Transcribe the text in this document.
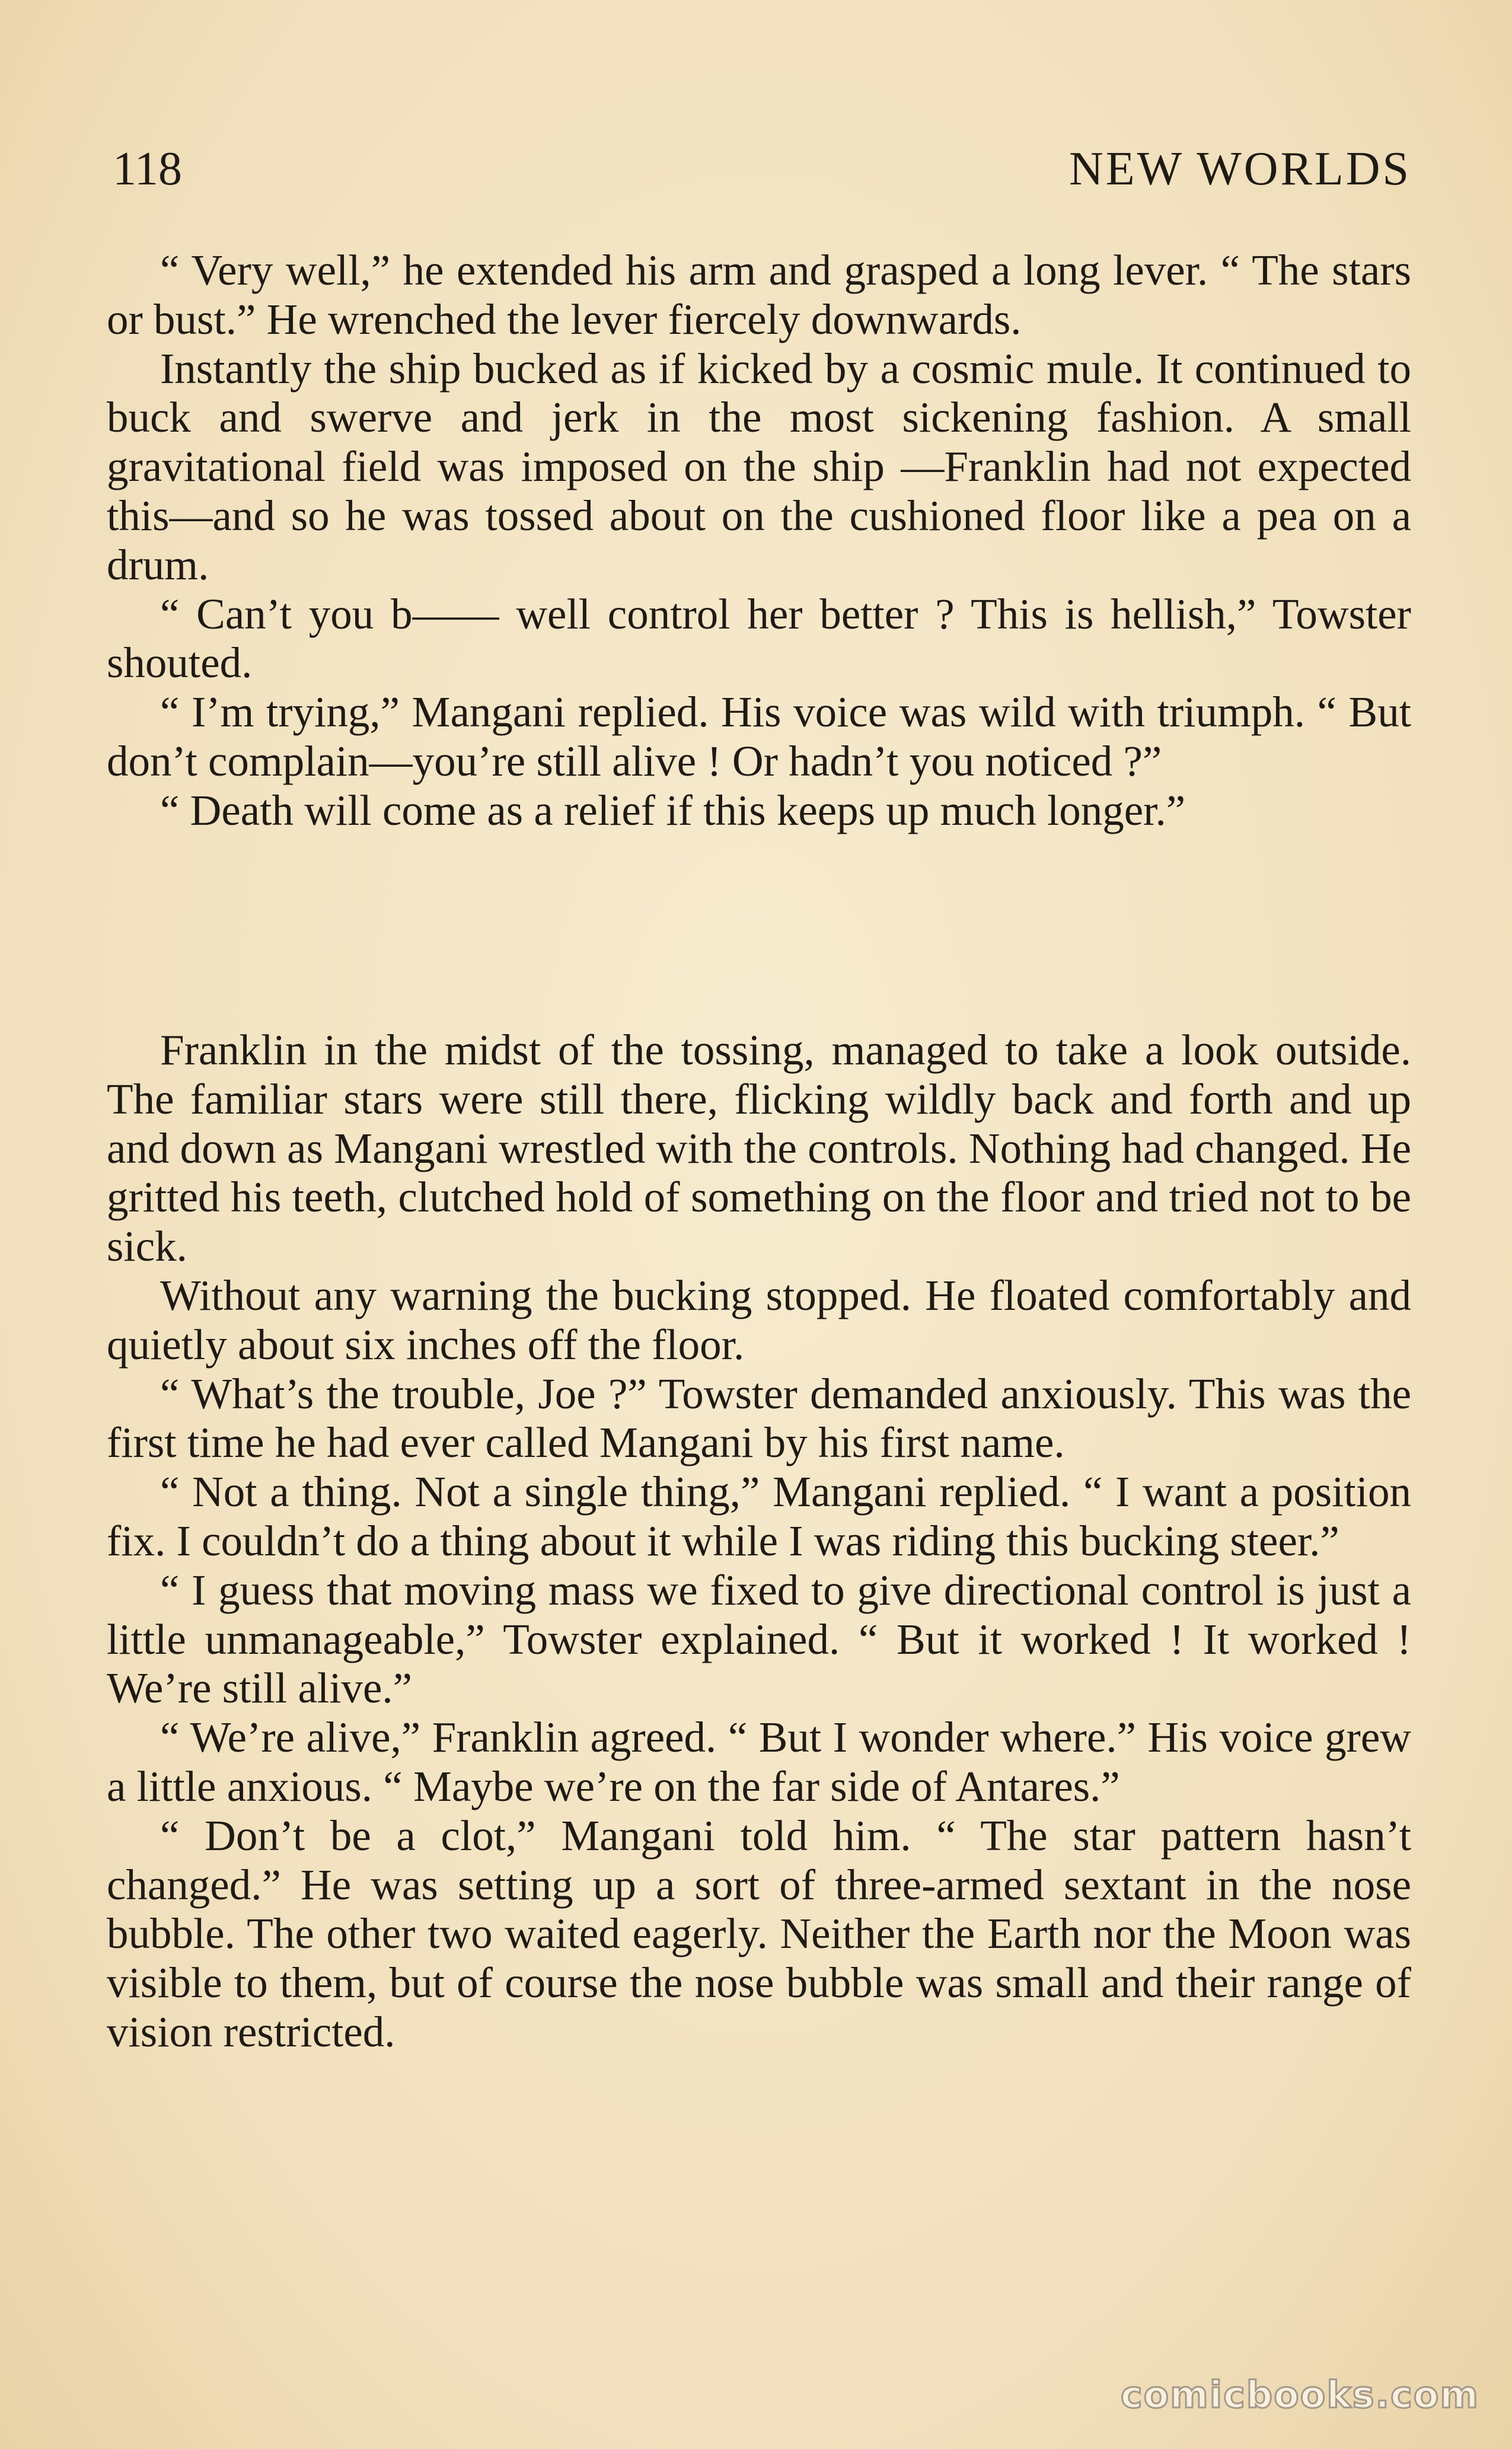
118	NEW WORLDS

“ Very well,” he extended his arm and grasped a long lever. “ The stars or bust.” He wrenched the lever fiercely downwards.

Instantly the ship bucked as if kicked by a cosmic mule. It continued to buck and swerve and jerk in the most sickening fashion. A small gravitational field was imposed on the ship —Franklin had not expected this—and so he was tossed about on the cushioned floor like a pea on a drum.

“ Can’t you b—— well control her better ? This is hellish,” Towster shouted.

“ I’m trying,” Mangani replied. His voice was wild with triumph. “ But don’t complain—you’re still alive ! Or hadn’t you noticed ?”

“ Death will come as a relief if this keeps up much longer.”

Franklin in the midst of the tossing, managed to take a look outside. The familiar stars were still there, flicking wildly back and forth and up and down as Mangani wrestled with the controls. Nothing had changed. He gritted his teeth, clutched hold of something on the floor and tried not to be sick.

Without any warning the bucking stopped. He floated comfortably and quietly about six inches off the floor.

“ What’s the trouble, Joe ?” Towster demanded anxiously. This was the first time he had ever called Mangani by his first name.

“ Not a thing. Not a single thing,” Mangani replied. “ I want a position fix. I couldn’t do a thing about it while I was riding this bucking steer.”

“ I guess that moving mass we fixed to give directional control is just a little unmanageable,” Towster explained. “ But it worked ! It worked ! We’re still alive.”

“ We’re alive,” Franklin agreed. “ But I wonder where.” His voice grew a little anxious. “ Maybe we’re on the far side of Antares.”

“ Don’t be a clot,” Mangani told him. “ The star pattern hasn’t changed.” He was setting up a sort of three-armed sextant in the nose bubble. The other two waited eagerly. Neither the Earth nor the Moon was visible to them, but of course the nose bubble was small and their range of vision restricted.

comicbooks.com
